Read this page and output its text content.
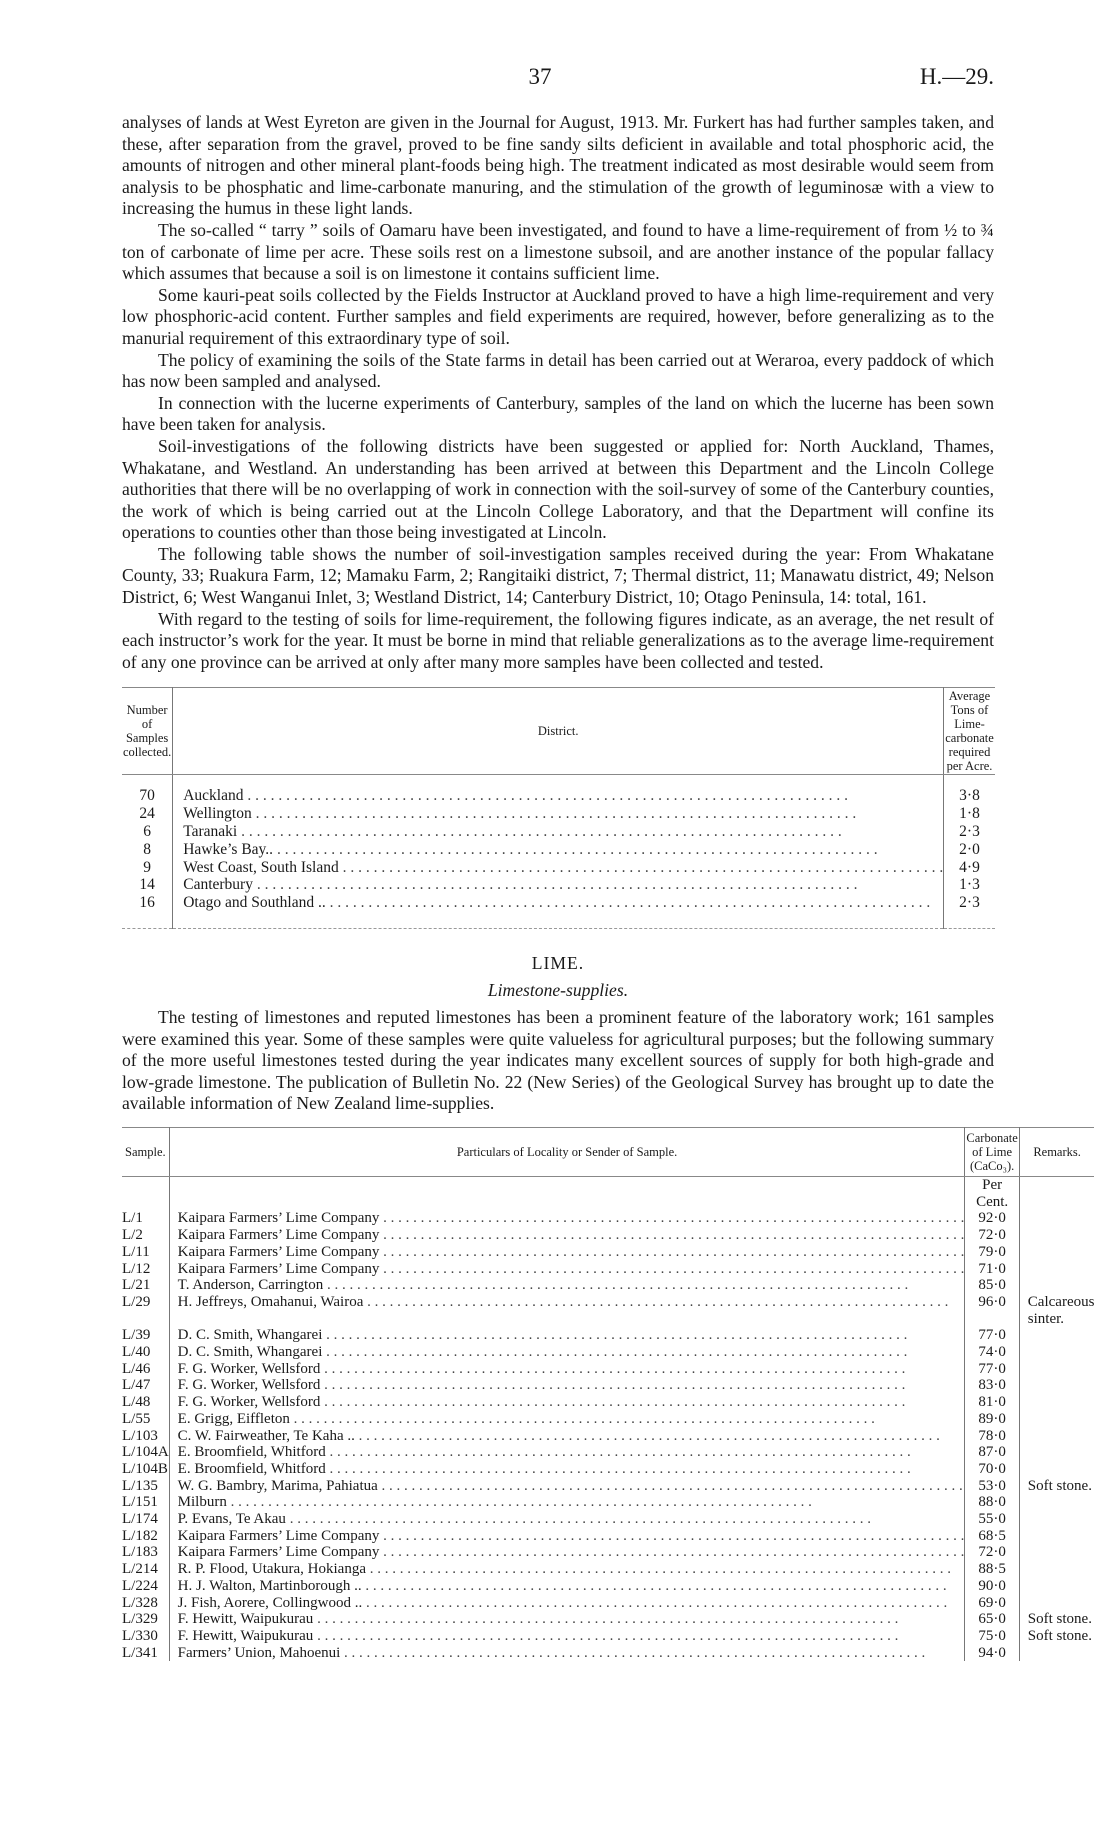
37	H.—29.

analyses of lands at West Eyreton are given in the Journal for August, 1913. Mr. Furkert has had further samples taken, and these, after separation from the gravel, proved to be fine sandy silts deficient in available and total phosphoric acid, the amounts of nitrogen and other mineral plant-foods being high. The treatment indicated as most desirable would seem from analysis to be phosphatic and lime-carbonate manuring, and the stimulation of the growth of leguminosæ with a view to increasing the humus in these light lands.

The so-called “ tarry ” soils of Oamaru have been investigated, and found to have a lime-requirement of from ½ to ¾ ton of carbonate of lime per acre. These soils rest on a limestone subsoil, and are another instance of the popular fallacy which assumes that because a soil is on limestone it contains sufficient lime.

Some kauri-peat soils collected by the Fields Instructor at Auckland proved to have a high lime-requirement and very low phosphoric-acid content. Further samples and field experiments are required, however, before generalizing as to the manurial requirement of this extraordinary type of soil.

The policy of examining the soils of the State farms in detail has been carried out at Weraroa, every paddock of which has now been sampled and analysed.

In connection with the lucerne experiments of Canterbury, samples of the land on which the lucerne has been sown have been taken for analysis.

Soil-investigations of the following districts have been suggested or applied for: North Auckland, Thames, Whakatane, and Westland. An understanding has been arrived at between this Department and the Lincoln College authorities that there will be no overlapping of work in connection with the soil-survey of some of the Canterbury counties, the work of which is being carried out at the Lincoln College Laboratory, and that the Department will confine its operations to counties other than those being investigated at Lincoln.

The following table shows the number of soil-investigation samples received during the year: From Whakatane County, 33; Ruakura Farm, 12; Mamaku Farm, 2; Rangitaiki district, 7; Thermal district, 11; Manawatu district, 49; Nelson District, 6; West Wanganui Inlet, 3; Westland District, 14; Canterbury District, 10; Otago Peninsula, 14: total, 161.

With regard to the testing of soils for lime-requirement, the following figures indicate, as an average, the net result of each instructor’s work for the year. It must be borne in mind that reliable generalizations as to the average lime-requirement of any one province can be arrived at only after many more samples have been collected and tested.

Number of Samples collected.	District.	Average Tons of Lime-carbonate required per Acre.

70	Auckland . . .	3·8
24	Wellington . . .	1·8
6	Taranaki . . .	2·3
8	Hawke’s Bay.. . . .	2·0
9	West Coast, South Island . . .	4·9
14	Canterbury . . .	1·3
16	Otago and Southland .. . . .	2·3

LIME.
Limestone-supplies.

The testing of limestones and reputed limestones has been a prominent feature of the laboratory work; 161 samples were examined this year. Some of these samples were quite valueless for agricultural purposes; but the following summary of the more useful limestones tested during the year indicates many excellent sources of supply for both high-grade and low-grade limestone. The publication of Bulletin No. 22 (New Series) of the Geological Survey has brought up to date the available information of New Zealand lime-supplies.

Sample.	Particulars of Locality or Sender of Sample.	Carbonate of Lime (CaCo₃).	Remarks.
		Per Cent.	
L/1	Kaipara Farmers’ Lime Company . . .	92·0	
L/2	Kaipara Farmers’ Lime Company . . .	72·0	
L/11	Kaipara Farmers’ Lime Company . . .	79·0	
L/12	Kaipara Farmers’ Lime Company . . .	71·0	
L/21	T. Anderson, Carrington . . .	85·0	
L/29	H. Jeffreys, Omahanui, Wairoa . . .	96·0	Calcareous sinter.
L/39	D. C. Smith, Whangarei . . .	77·0	
L/40	D. C. Smith, Whangarei . . .	74·0	
L/46	F. G. Worker, Wellsford . . .	77·0	
L/47	F. G. Worker, Wellsford . . .	83·0	
L/48	F. G. Worker, Wellsford . . .	81·0	
L/55	E. Grigg, Eiffleton . . .	89·0	
L/103	C. W. Fairweather, Te Kaha .. . . .	78·0	
L/104A	E. Broomfield, Whitford . . .	87·0	
L/104B	E. Broomfield, Whitford . . .	70·0	
L/135	W. G. Bambry, Marima, Pahiatua . . .	53·0	Soft stone.
L/151	Milburn . . .	88·0	
L/174	P. Evans, Te Akau . . .	55·0	
L/182	Kaipara Farmers’ Lime Company . . .	68·5	
L/183	Kaipara Farmers’ Lime Company . . .	72·0	
L/214	R. P. Flood, Utakura, Hokianga . . .	88·5	
L/224	H. J. Walton, Martinborough .. . . .	90·0	
L/328	J. Fish, Aorere, Collingwood .. . . .	69·0	
L/329	F. Hewitt, Waipukurau . . .	65·0	Soft stone.
L/330	F. Hewitt, Waipukurau . . .	75·0	Soft stone.
L/341	Farmers’ Union, Mahoenui . . .	94·0	
